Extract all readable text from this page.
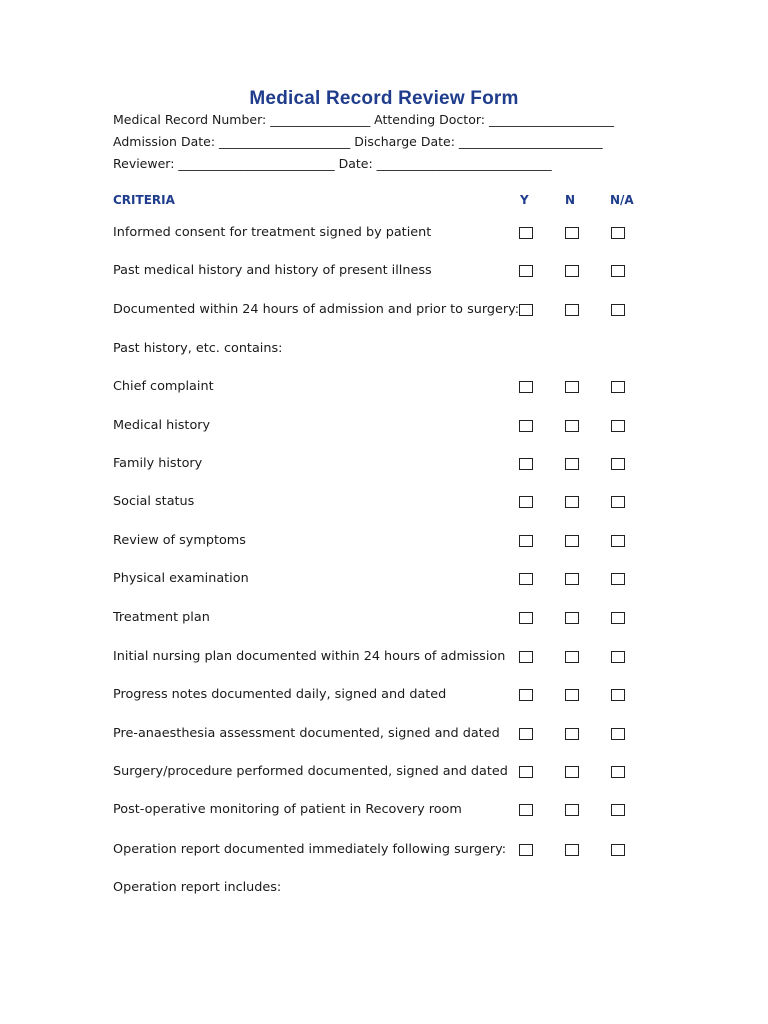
Medical Record Review Form
Medical Record Number: ________________ Attending Doctor: ____________________
Admission Date: _____________________ Discharge Date: _______________________
Reviewer: _________________________ Date: ____________________________
CRITERIA	Y	N	N/A
Informed consent for treatment signed by patient
Past medical history and history of present illness
Documented within 24 hours of admission and prior to surgery:
Past history, etc. contains:
Chief complaint
Medical history
Family history
Social status
Review of symptoms
Physical examination
Treatment plan
Initial nursing plan documented within 24 hours of admission
Progress notes documented daily, signed and dated
Pre-anaesthesia assessment documented, signed and dated
Surgery/procedure performed documented, signed and dated
Post-operative monitoring of patient in Recovery room
Operation report documented immediately following surgery:
Operation report includes:
